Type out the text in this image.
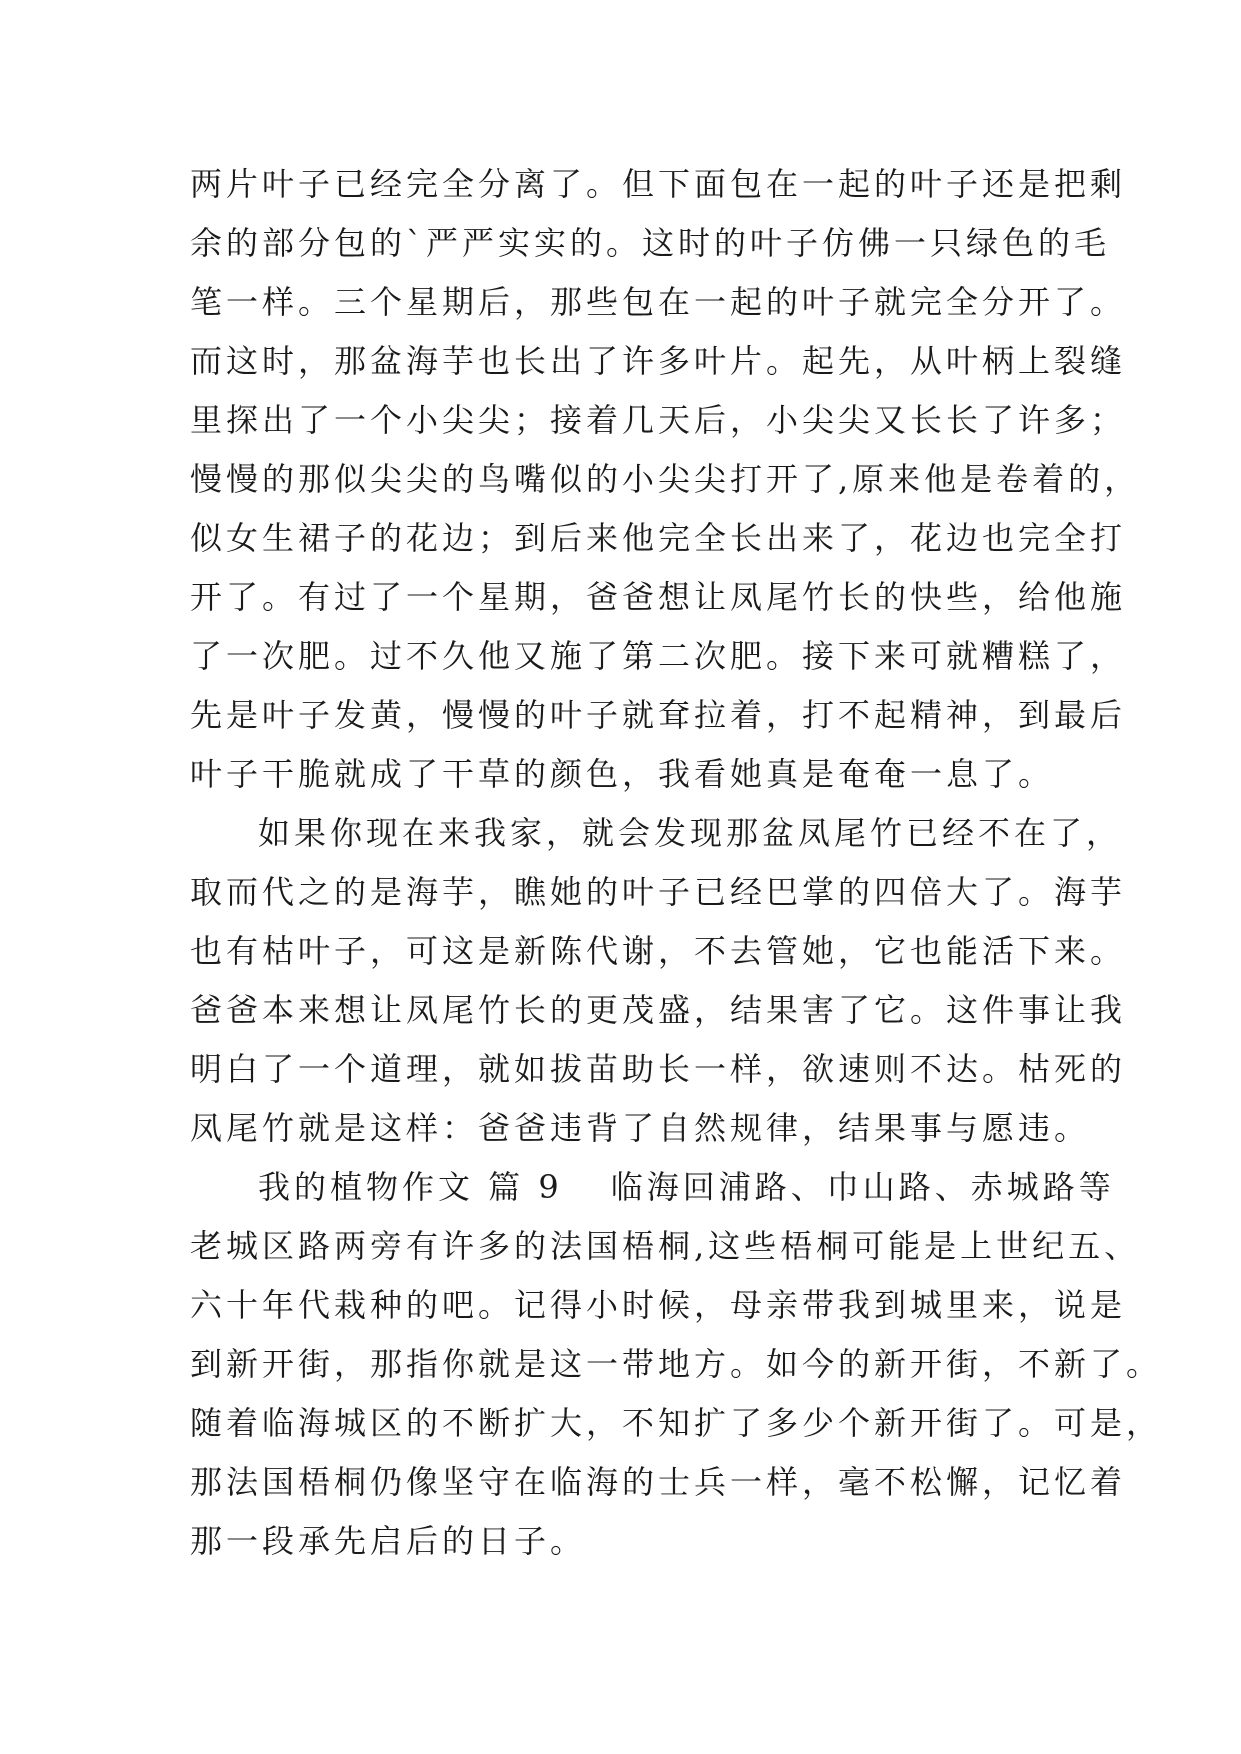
两片叶子已经完全分离了。但下面包在一起的叶子还是把剩
余的部分包的`严严实实的。这时的叶子仿佛一只绿色的毛
笔一样。三个星期后，那些包在一起的叶子就完全分开了。
而这时，那盆海芋也长出了许多叶片。起先，从叶柄上裂缝
里探出了一个小尖尖；接着几天后，小尖尖又长长了许多；
慢慢的那似尖尖的鸟嘴似的小尖尖打开了,原来他是卷着的，
似女生裙子的花边；到后来他完全长出来了，花边也完全打
开了。有过了一个星期，爸爸想让凤尾竹长的快些，给他施
了一次肥。过不久他又施了第二次肥。接下来可就糟糕了，
先是叶子发黄，慢慢的叶子就耷拉着，打不起精神，到最后
叶子干脆就成了干草的颜色，我看她真是奄奄一息了。
如果你现在来我家，就会发现那盆凤尾竹已经不在了，
取而代之的是海芋，瞧她的叶子已经巴掌的四倍大了。海芋
也有枯叶子，可这是新陈代谢，不去管她，它也能活下来。
爸爸本来想让凤尾竹长的更茂盛，结果害了它。这件事让我
明白了一个道理，就如拔苗助长一样，欲速则不达。枯死的
凤尾竹就是这样：爸爸违背了自然规律，结果事与愿违。
我的植物作文 篇 9 临海回浦路、巾山路、赤城路等
老城区路两旁有许多的法国梧桐,这些梧桐可能是上世纪五、
六十年代栽种的吧。记得小时候，母亲带我到城里来，说是
到新开街，那指你就是这一带地方。如今的新开街，不新了。
随着临海城区的不断扩大，不知扩了多少个新开街了。可是，
那法国梧桐仍像坚守在临海的士兵一样，毫不松懈，记忆着
那一段承先启后的日子。
